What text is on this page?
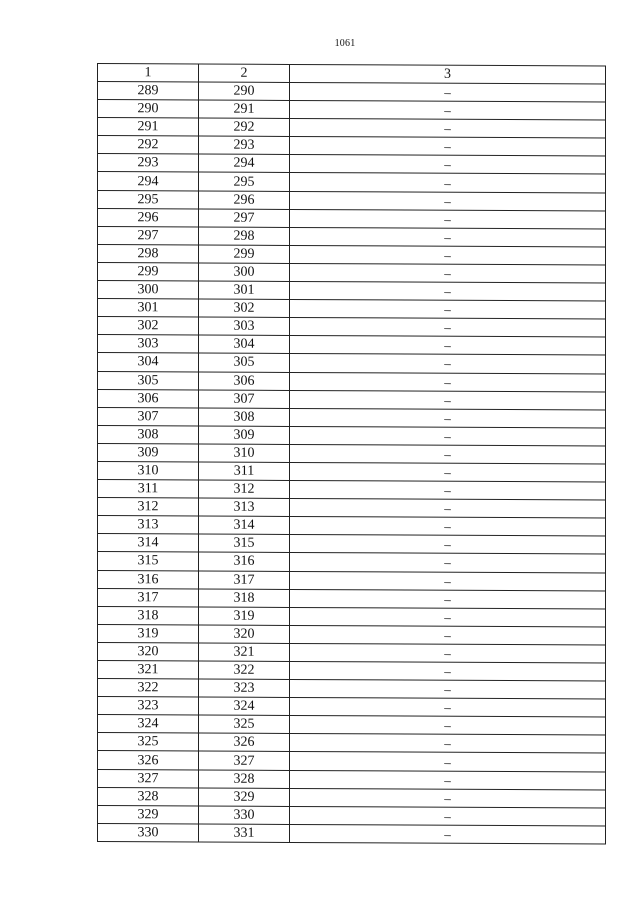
1061
1	2	3
289	290	–
290	291	–
291	292	–
292	293	–
293	294	–
294	295	–
295	296	–
296	297	–
297	298	–
298	299	–
299	300	–
300	301	–
301	302	–
302	303	–
303	304	–
304	305	–
305	306	–
306	307	–
307	308	–
308	309	–
309	310	–
310	311	–
311	312	–
312	313	–
313	314	–
314	315	–
315	316	–
316	317	–
317	318	–
318	319	–
319	320	–
320	321	–
321	322	–
322	323	–
323	324	–
324	325	–
325	326	–
326	327	–
327	328	–
328	329	–
329	330	–
330	331	–
